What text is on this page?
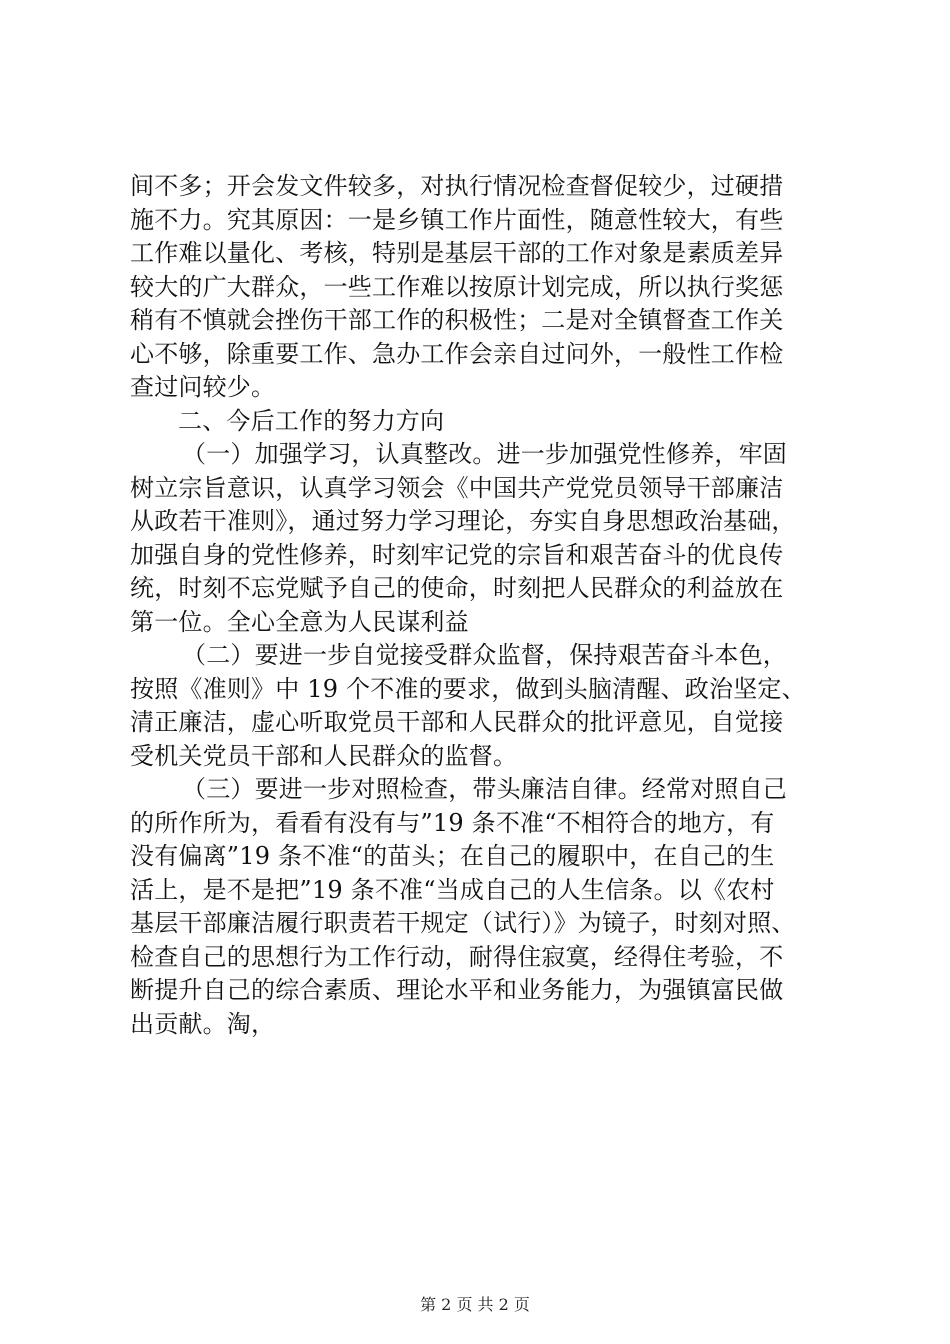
间不多；开会发文件较多，对执行情况检查督促较少，过硬措
施不力。究其原因：一是乡镇工作片面性，随意性较大，有些
工作难以量化、考核，特别是基层干部的工作对象是素质差异
较大的广大群众，一些工作难以按原计划完成，所以执行奖惩
稍有不慎就会挫伤干部工作的积极性；二是对全镇督查工作关
心不够，除重要工作、急办工作会亲自过问外，一般性工作检
查过问较少。
二、今后工作的努力方向
（一）加强学习，认真整改。进一步加强党性修养，牢固
树立宗旨意识，认真学习领会《中国共产党党员领导干部廉洁
从政若干准则》，通过努力学习理论，夯实自身思想政治基础，
加强自身的党性修养，时刻牢记党的宗旨和艰苦奋斗的优良传
统，时刻不忘党赋予自己的使命，时刻把人民群众的利益放在
第一位。全心全意为人民谋利益
（二）要进一步自觉接受群众监督，保持艰苦奋斗本色，
按照《准则》中 19 个不准的要求，做到头脑清醒、政治坚定、
清正廉洁，虚心听取党员干部和人民群众的批评意见，自觉接
受机关党员干部和人民群众的监督。
（三）要进一步对照检查，带头廉洁自律。经常对照自己
的所作所为，看看有没有与”19 条不准“不相符合的地方，有
没有偏离”19 条不准“的苗头；在自己的履职中，在自己的生
活上，是不是把”19 条不准“当成自己的人生信条。以《农村
基层干部廉洁履行职责若干规定（试行）》为镜子，时刻对照、
检查自己的思想行为工作行动，耐得住寂寞，经得住考验，不
断提升自己的综合素质、理论水平和业务能力，为强镇富民做
出贡献。淘，
第 2 页 共 2 页
